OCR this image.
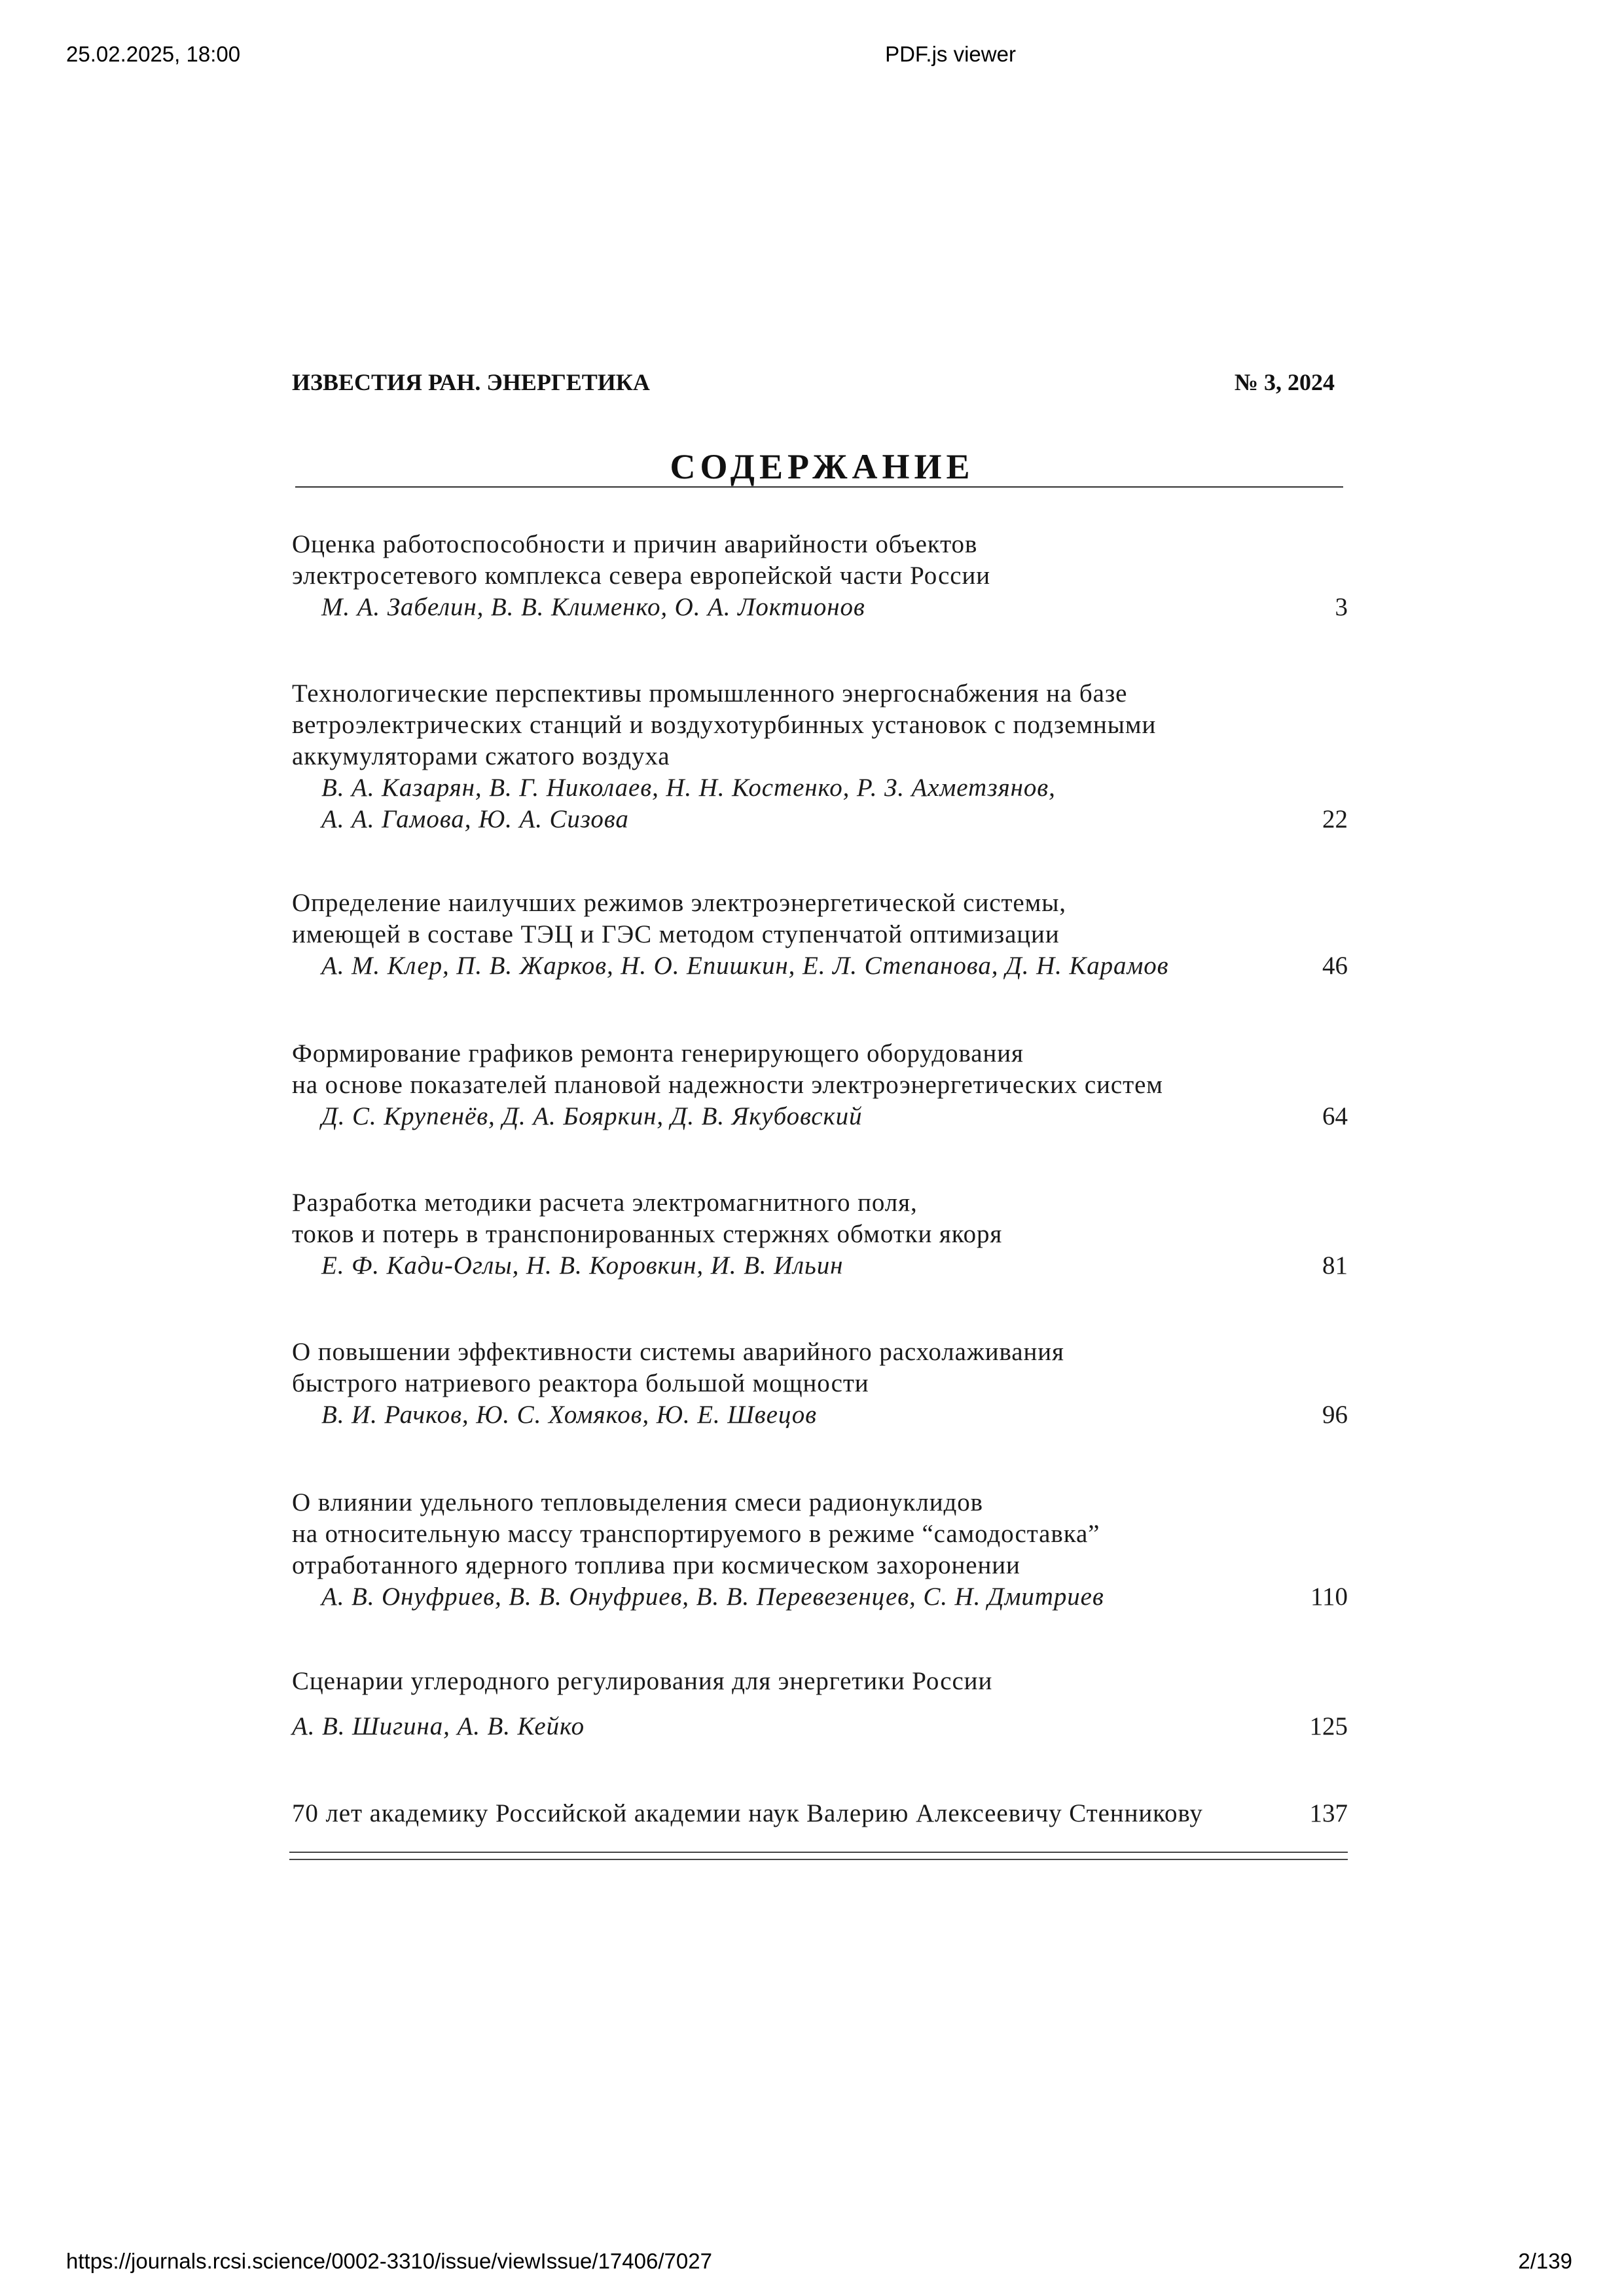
25.02.2025, 18:00	PDF.js viewer
ИЗВЕСТИЯ РАН. ЭНЕРГЕТИКА	№ 3, 2024
СОДЕРЖАНИЕ
Оценка работоспособности и причин аварийности объектов
электросетевого комплекса севера европейской части России
М. А. Забелин, В. В. Клименко, О. А. Локтионов	3
Технологические перспективы промышленного энергоснабжения на базе
ветроэлектрических станций и воздухотурбинных установок с подземными
аккумуляторами сжатого воздуха
В. А. Казарян, В. Г. Николаев, Н. Н. Костенко, Р. З. Ахметзянов,
А. А. Гамова, Ю. А. Сизова	22
Определение наилучших режимов электроэнергетической системы,
имеющей в составе ТЭЦ и ГЭС методом ступенчатой оптимизации
А. М. Клер, П. В. Жарков, Н. О. Епишкин, Е. Л. Степанова, Д. Н. Карамов	46
Формирование графиков ремонта генерирующего оборудования
на основе показателей плановой надежности электроэнергетических систем
Д. С. Крупенёв, Д. А. Бояркин, Д. В. Якубовский	64
Разработка методики расчета электромагнитного поля,
токов и потерь в транспонированных стержнях обмотки якоря
Е. Ф. Кади-Оглы, Н. В. Коровкин, И. В. Ильин	81
О повышении эффективности системы аварийного расхолаживания
быстрого натриевого реактора большой мощности
В. И. Рачков, Ю. С. Хомяков, Ю. Е. Швецов	96
О влиянии удельного тепловыделения смеси радионуклидов
на относительную массу транспортируемого в режиме “самодоставка”
отработанного ядерного топлива при космическом захоронении
А. В. Онуфриев, В. В. Онуфриев, В. В. Перевезенцев, С. Н. Дмитриев	110
Сценарии углеродного регулирования для энергетики России
А. В. Шигина, А. В. Кейко	125
70 лет академику Российской академии наук Валерию Алексеевичу Стенникову	137
https://journals.rcsi.science/0002-3310/issue/viewIssue/17406/7027	2/139
